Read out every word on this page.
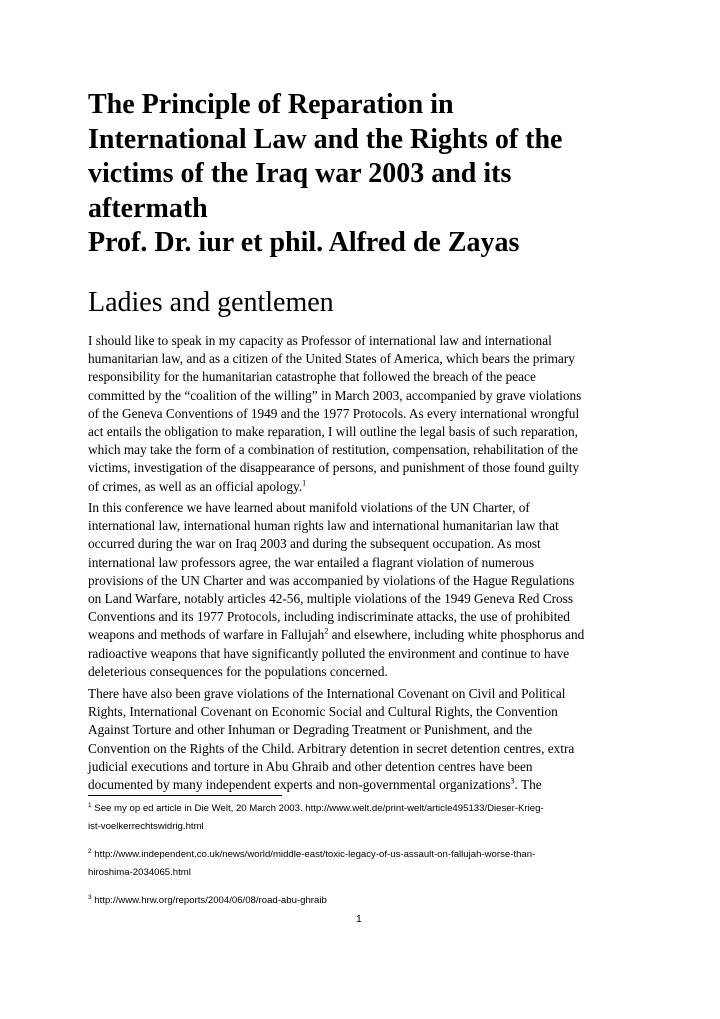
The Principle of Reparation in
International Law and the Rights of the
victims of the Iraq war 2003 and its
aftermath
Prof. Dr. iur et phil. Alfred de Zayas
Ladies and gentlemen

I should like to speak in my capacity as Professor of international law and international
humanitarian law, and as a citizen of the United States of America, which bears the primary
responsibility for the humanitarian catastrophe that followed the breach of the peace
committed by the “coalition of the willing” in March 2003, accompanied by grave violations
of the Geneva Conventions of 1949 and the 1977 Protocols. As every international wrongful
act entails the obligation to make reparation, I will outline the legal basis of such reparation,
which may take the form of a combination of restitution, compensation, rehabilitation of the
victims, investigation of the disappearance of persons, and punishment of those found guilty
of crimes, as well as an official apology.$^1$

In this conference we have learned about manifold violations of the UN Charter, of
international law, international human rights law and international humanitarian law that
occurred during the war on Iraq 2003 and during the subsequent occupation. As most
international law professors agree, the war entailed a flagrant violation of numerous
provisions of the UN Charter and was accompanied by violations of the Hague Regulations
on Land Warfare, notably articles 42-56, multiple violations of the 1949 Geneva Red Cross
Conventions and its 1977 Protocols, including indiscriminate attacks, the use of prohibited
weapons and methods of warfare in Fallujah$^2$ and elsewhere, including white phosphorus and
radioactive weapons that have significantly polluted the environment and continue to have
deleterious consequences for the populations concerned.

There have also been grave violations of the International Covenant on Civil and Political
Rights, International Covenant on Economic Social and Cultural Rights, the Convention
Against Torture and other Inhuman or Degrading Treatment or Punishment, and the
Convention on the Rights of the Child. Arbitrary detention in secret detention centres, extra
judicial executions and torture in Abu Ghraib and other detention centres have been
documented by many independent experts and non-governmental organizations$^3$. The

$^1$ See my op ed article in Die Welt, 20 March 2003. http://www.welt.de/print-welt/article495133/Dieser-Krieg-
ist-voelkerrechtswidrig.html

$^2$ http://www.independent.co.uk/news/world/middle-east/toxic-legacy-of-us-assault-on-fallujah-worse-than-
hiroshima-2034065.html

$^3$ http://www.hrw.org/reports/2004/06/08/road-abu-ghraib

1
